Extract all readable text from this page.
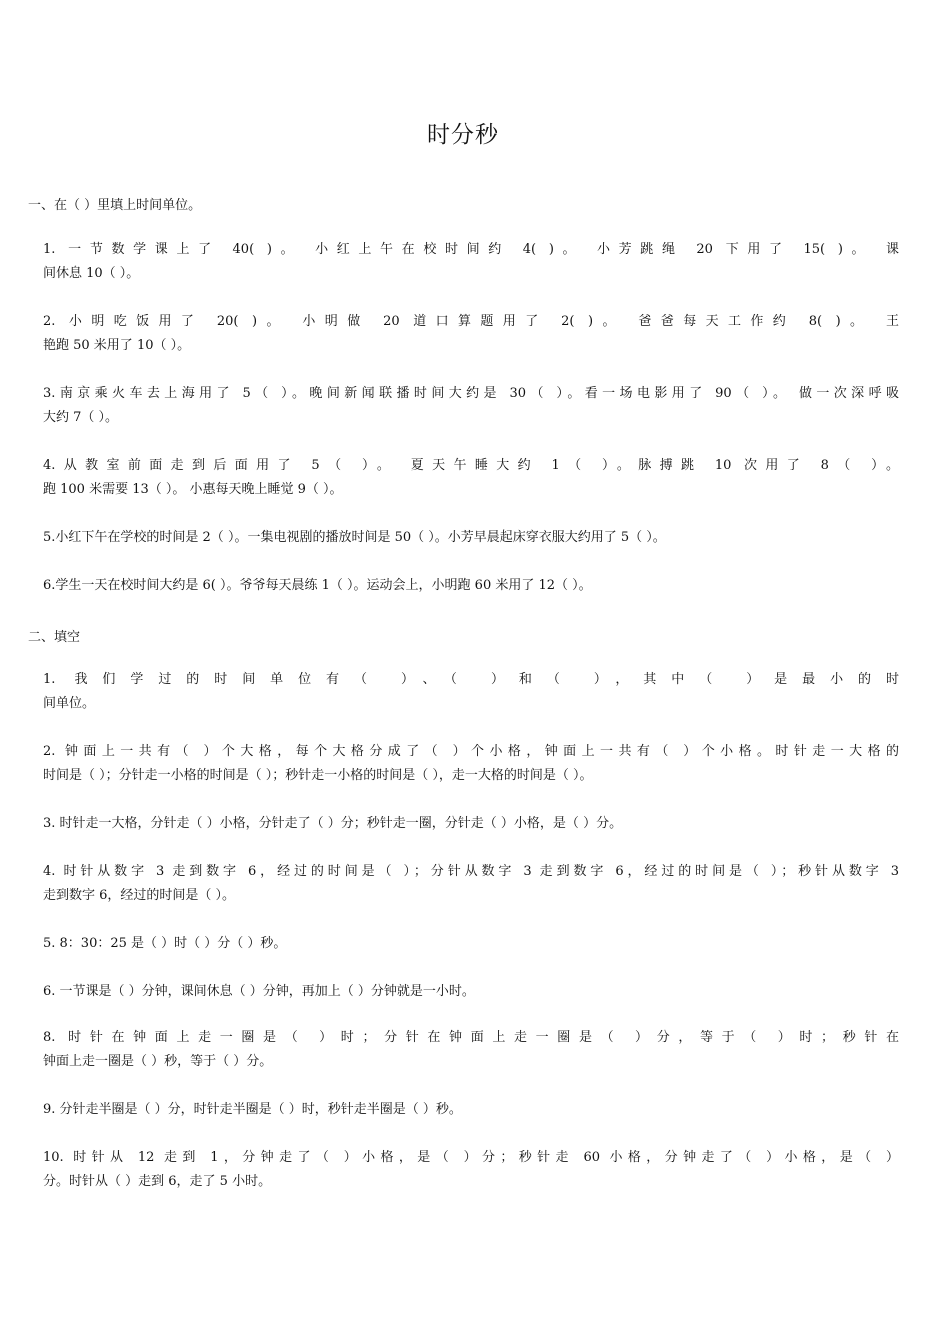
时分秒
一、在（ ）里填上时间单位。
1. 一节数学课上了 40( )。 小红上午在校时间约 4( )。 小芳跳绳 20 下用了 15( )。 课
间休息 10（ ）。
2. 小明吃饭用了 20( )。 小明做 20 道口算题用了 2( )。 爸爸每天工作约 8( )。 王
艳跑 50 米用了 10（ ）。
3.南京乘火车去上海用了 5（ ）。晚间新闻联播时间大约是 30（ ）。看一场电影用了 90（ ）。 做一次深呼吸
大约 7（ ）。
4.从教室前面走到后面用了 5（ ）。 夏天午睡大约 1（ ）。脉搏跳 10 次用了 8（ ）。
跑 100 米需要 13（ ）。 小惠每天晚上睡觉 9（ ）。
5.小红下午在学校的时间是 2（ ）。一集电视剧的播放时间是 50（ ）。小芳早晨起床穿衣服大约用了 5（ ）。
6.学生一天在校时间大约是 6( ）。爷爷每天晨练 1（ ）。运动会上，小明跑 60 米用了 12（ ）。
二、填空
1. 我们学过的时间单位有（ ）、（ ）和（ ），其中（ ）是最小的时
间单位。
2. 钟面上一共有（ ）个大格，每个大格分成了（ ）个小格，钟面上一共有（ ）个小格。时针走一大格的
时间是（ ）；分针走一小格的时间是（ ）；秒针走一小格的时间是（ ），走一大格的时间是（ ）。
3. 时针走一大格，分针走（ ）小格，分针走了（ ）分；秒针走一圈，分针走（ ）小格，是（ ）分。
4. 时针从数字 3 走到数字 6，经过的时间是（ ）；分针从数字 3 走到数字 6，经过的时间是（ ）；秒针从数字 3
走到数字 6，经过的时间是（ ）。
5. 8：30：25 是（ ）时（ ）分（ ）秒。
6. 一节课是（ ）分钟，课间休息（ ）分钟，再加上（ ）分钟就是一小时。
8. 时针在钟面上走一圈是（ ）时；分针在钟面上走一圈是（ ）分，等于（ ）时；秒针在
钟面上走一圈是（ ）秒，等于（ ）分。
9. 分针走半圈是（ ）分，时针走半圈是（ ）时，秒针走半圈是（ ）秒。
10. 时针从 12 走到 1，分钟走了（ ）小格，是（ ）分；秒针走 60 小格，分钟走了（ ）小格，是（ ）
分。时针从（ ）走到 6，走了 5 小时。
